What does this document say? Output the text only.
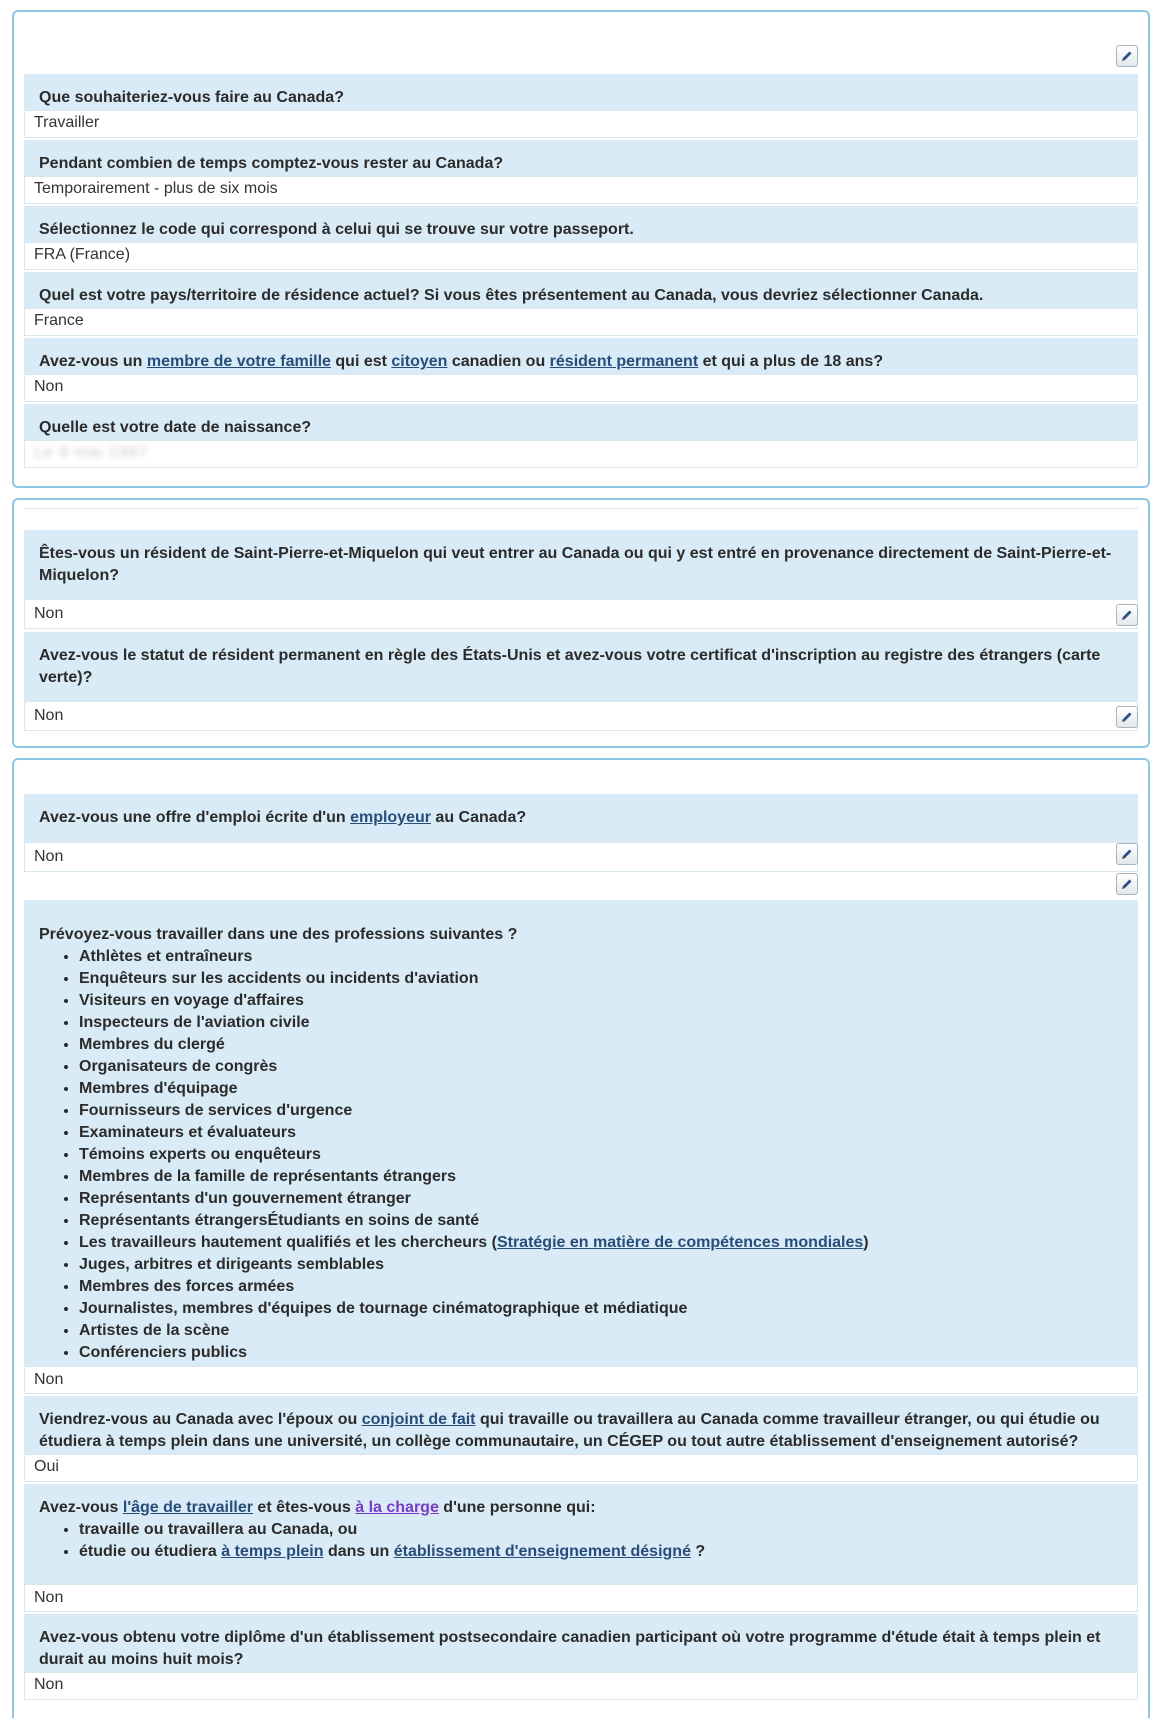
Que souhaiteriez-vous faire au Canada?
Travailler
Pendant combien de temps comptez-vous rester au Canada?
Temporairement - plus de six mois
Sélectionnez le code qui correspond à celui qui se trouve sur votre passeport.
FRA (France)
Quel est votre pays/territoire de résidence actuel? Si vous êtes présentement au Canada, vous devriez sélectionner Canada.
France
Avez-vous un membre de votre famille qui est citoyen canadien ou résident permanent et qui a plus de 18 ans?
Non
Quelle est votre date de naissance?
Le 9 mai 1987
Êtes-vous un résident de Saint-Pierre-et-Miquelon qui veut entrer au Canada ou qui y est entré en provenance directement de Saint-Pierre-et-Miquelon?
Non
Avez-vous le statut de résident permanent en règle des États-Unis et avez-vous votre certificat d'inscription au registre des étrangers (carte verte)?
Non
Avez-vous une offre d'emploi écrite d'un employeur au Canada?
Non
Prévoyez-vous travailler dans une des professions suivantes ?
• Athlètes et entraîneurs
• Enquêteurs sur les accidents ou incidents d'aviation
• Visiteurs en voyage d'affaires
• Inspecteurs de l'aviation civile
• Membres du clergé
• Organisateurs de congrès
• Membres d'équipage
• Fournisseurs de services d'urgence
• Examinateurs et évaluateurs
• Témoins experts ou enquêteurs
• Membres de la famille de représentants étrangers
• Représentants d'un gouvernement étranger
• Représentants étrangersÉtudiants en soins de santé
• Les travailleurs hautement qualifiés et les chercheurs (Stratégie en matière de compétences mondiales)
• Juges, arbitres et dirigeants semblables
• Membres des forces armées
• Journalistes, membres d'équipes de tournage cinématographique et médiatique
• Artistes de la scène
• Conférenciers publics
Non
Viendrez-vous au Canada avec l'époux ou conjoint de fait qui travaille ou travaillera au Canada comme travailleur étranger, ou qui étudie ou étudiera à temps plein dans une université, un collège communautaire, un CÉGEP ou tout autre établissement d'enseignement autorisé?
Oui
Avez-vous l'âge de travailler et êtes-vous à la charge d'une personne qui:
• travaille ou travaillera au Canada, ou
• étudie ou étudiera à temps plein dans un établissement d'enseignement désigné ?
Non
Avez-vous obtenu votre diplôme d'un établissement postsecondaire canadien participant où votre programme d'étude était à temps plein et durait au moins huit mois?
Non
